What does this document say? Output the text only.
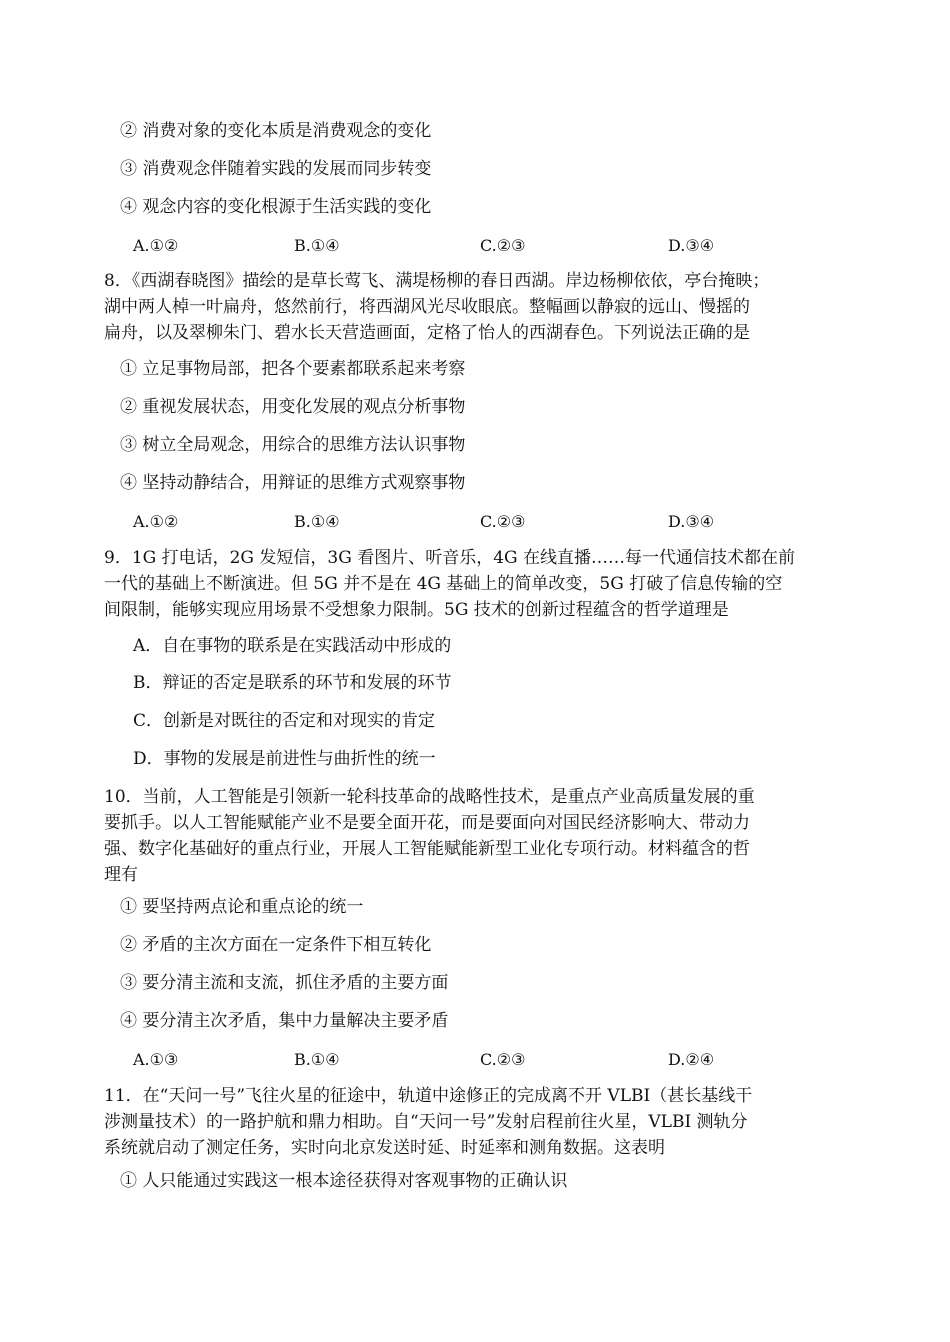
② 消费对象的变化本质是消费观念的变化
③ 消费观念伴随着实践的发展而同步转变
④ 观念内容的变化根源于生活实践的变化
A.①②	B.①④	C.②③	D.③④
8．《西湖春晓图》描绘的是草长莺飞、满堤杨柳的春日西湖。岸边杨柳依依，亭台掩映；
湖中两人棹一叶扁舟，悠然前行，将西湖风光尽收眼底。整幅画以静寂的远山、慢摇的
扁舟，以及翠柳朱门、碧水长天营造画面，定格了怡人的西湖春色。下列说法正确的是
① 立足事物局部，把各个要素都联系起来考察
② 重视发展状态，用变化发展的观点分析事物
③ 树立全局观念，用综合的思维方法认识事物
④ 坚持动静结合，用辩证的思维方式观察事物
A.①②	B.①④	C.②③	D.③④
9．1G 打电话，2G 发短信，3G 看图片、听音乐，4G 在线直播……每一代通信技术都在前
一代的基础上不断演进。但 5G 并不是在 4G 基础上的简单改变，5G 打破了信息传输的空
间限制，能够实现应用场景不受想象力限制。5G 技术的创新过程蕴含的哲学道理是
A．自在事物的联系是在实践活动中形成的
B．辩证的否定是联系的环节和发展的环节
C．创新是对既往的否定和对现实的肯定
D．事物的发展是前进性与曲折性的统一
10．当前，人工智能是引领新一轮科技革命的战略性技术，是重点产业高质量发展的重
要抓手。以人工智能赋能产业不是要全面开花，而是要面向对国民经济影响大、带动力
强、数字化基础好的重点行业，开展人工智能赋能新型工业化专项行动。材料蕴含的哲
理有
① 要坚持两点论和重点论的统一
② 矛盾的主次方面在一定条件下相互转化
③ 要分清主流和支流，抓住矛盾的主要方面
④ 要分清主次矛盾，集中力量解决主要矛盾
A.①③	B.①④	C.②③	D.②④
11．在“天问一号”飞往火星的征途中，轨道中途修正的完成离不开 VLBI（甚长基线干
涉测量技术）的一路护航和鼎力相助。自“天问一号”发射启程前往火星，VLBI 测轨分
系统就启动了测定任务，实时向北京发送时延、时延率和测角数据。这表明
① 人只能通过实践这一根本途径获得对客观事物的正确认识
